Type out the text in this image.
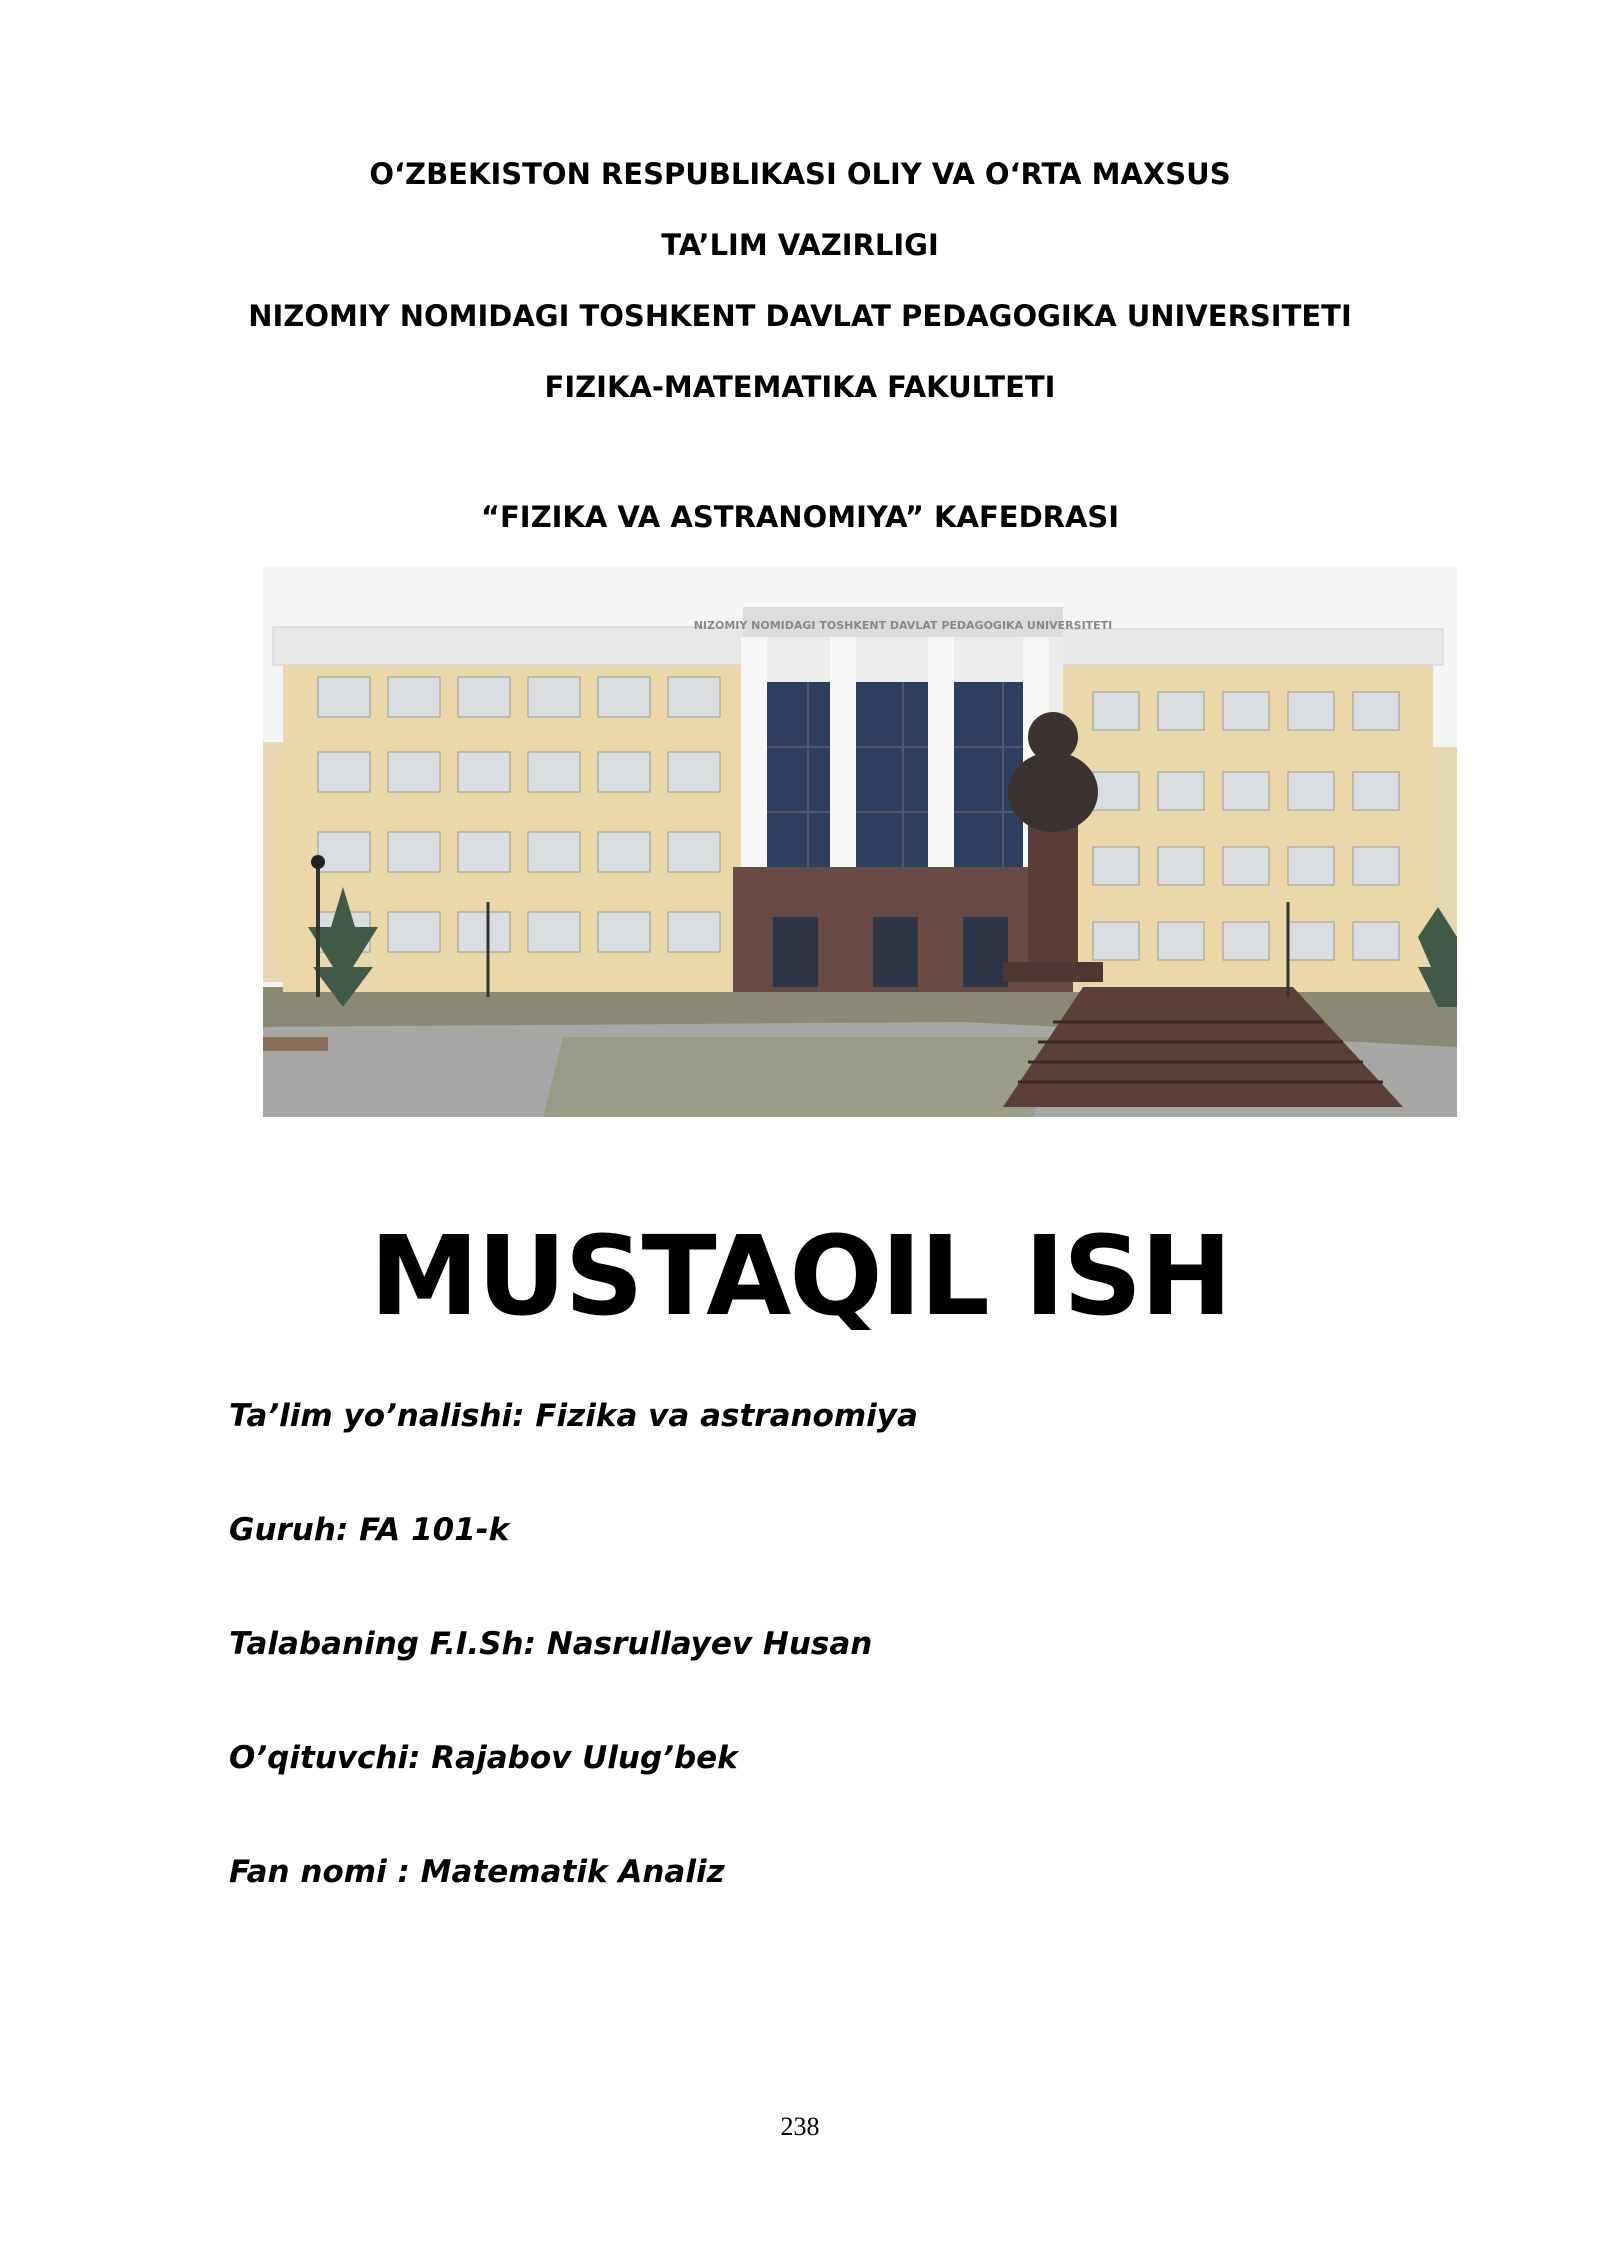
O‘ZBEKISTON RESPUBLIKASI OLIY VA O‘RTA MAXSUS
TA’LIM VAZIRLIGI
NIZOMIY NOMIDAGI TOSHKENT DAVLAT PEDAGOGIKA UNIVERSITETI
FIZIKA-MATEMATIKA FAKULTETI
“FIZIKA VA ASTRANOMIYA” KAFEDRASI
NIZOMIY NOMIDAGI TOSHKENT DAVLAT PEDAGOGIKA UNIVERSITETI
MUSTAQIL ISH
Ta’lim yo’nalishi: Fizika va astranomiya
Guruh: FA 101-k
Talabaning F.I.Sh: Nasrullayev Husan
O’qituvchi: Rajabov Ulug’bek
Fan nomi : Matematik Analiz
238
